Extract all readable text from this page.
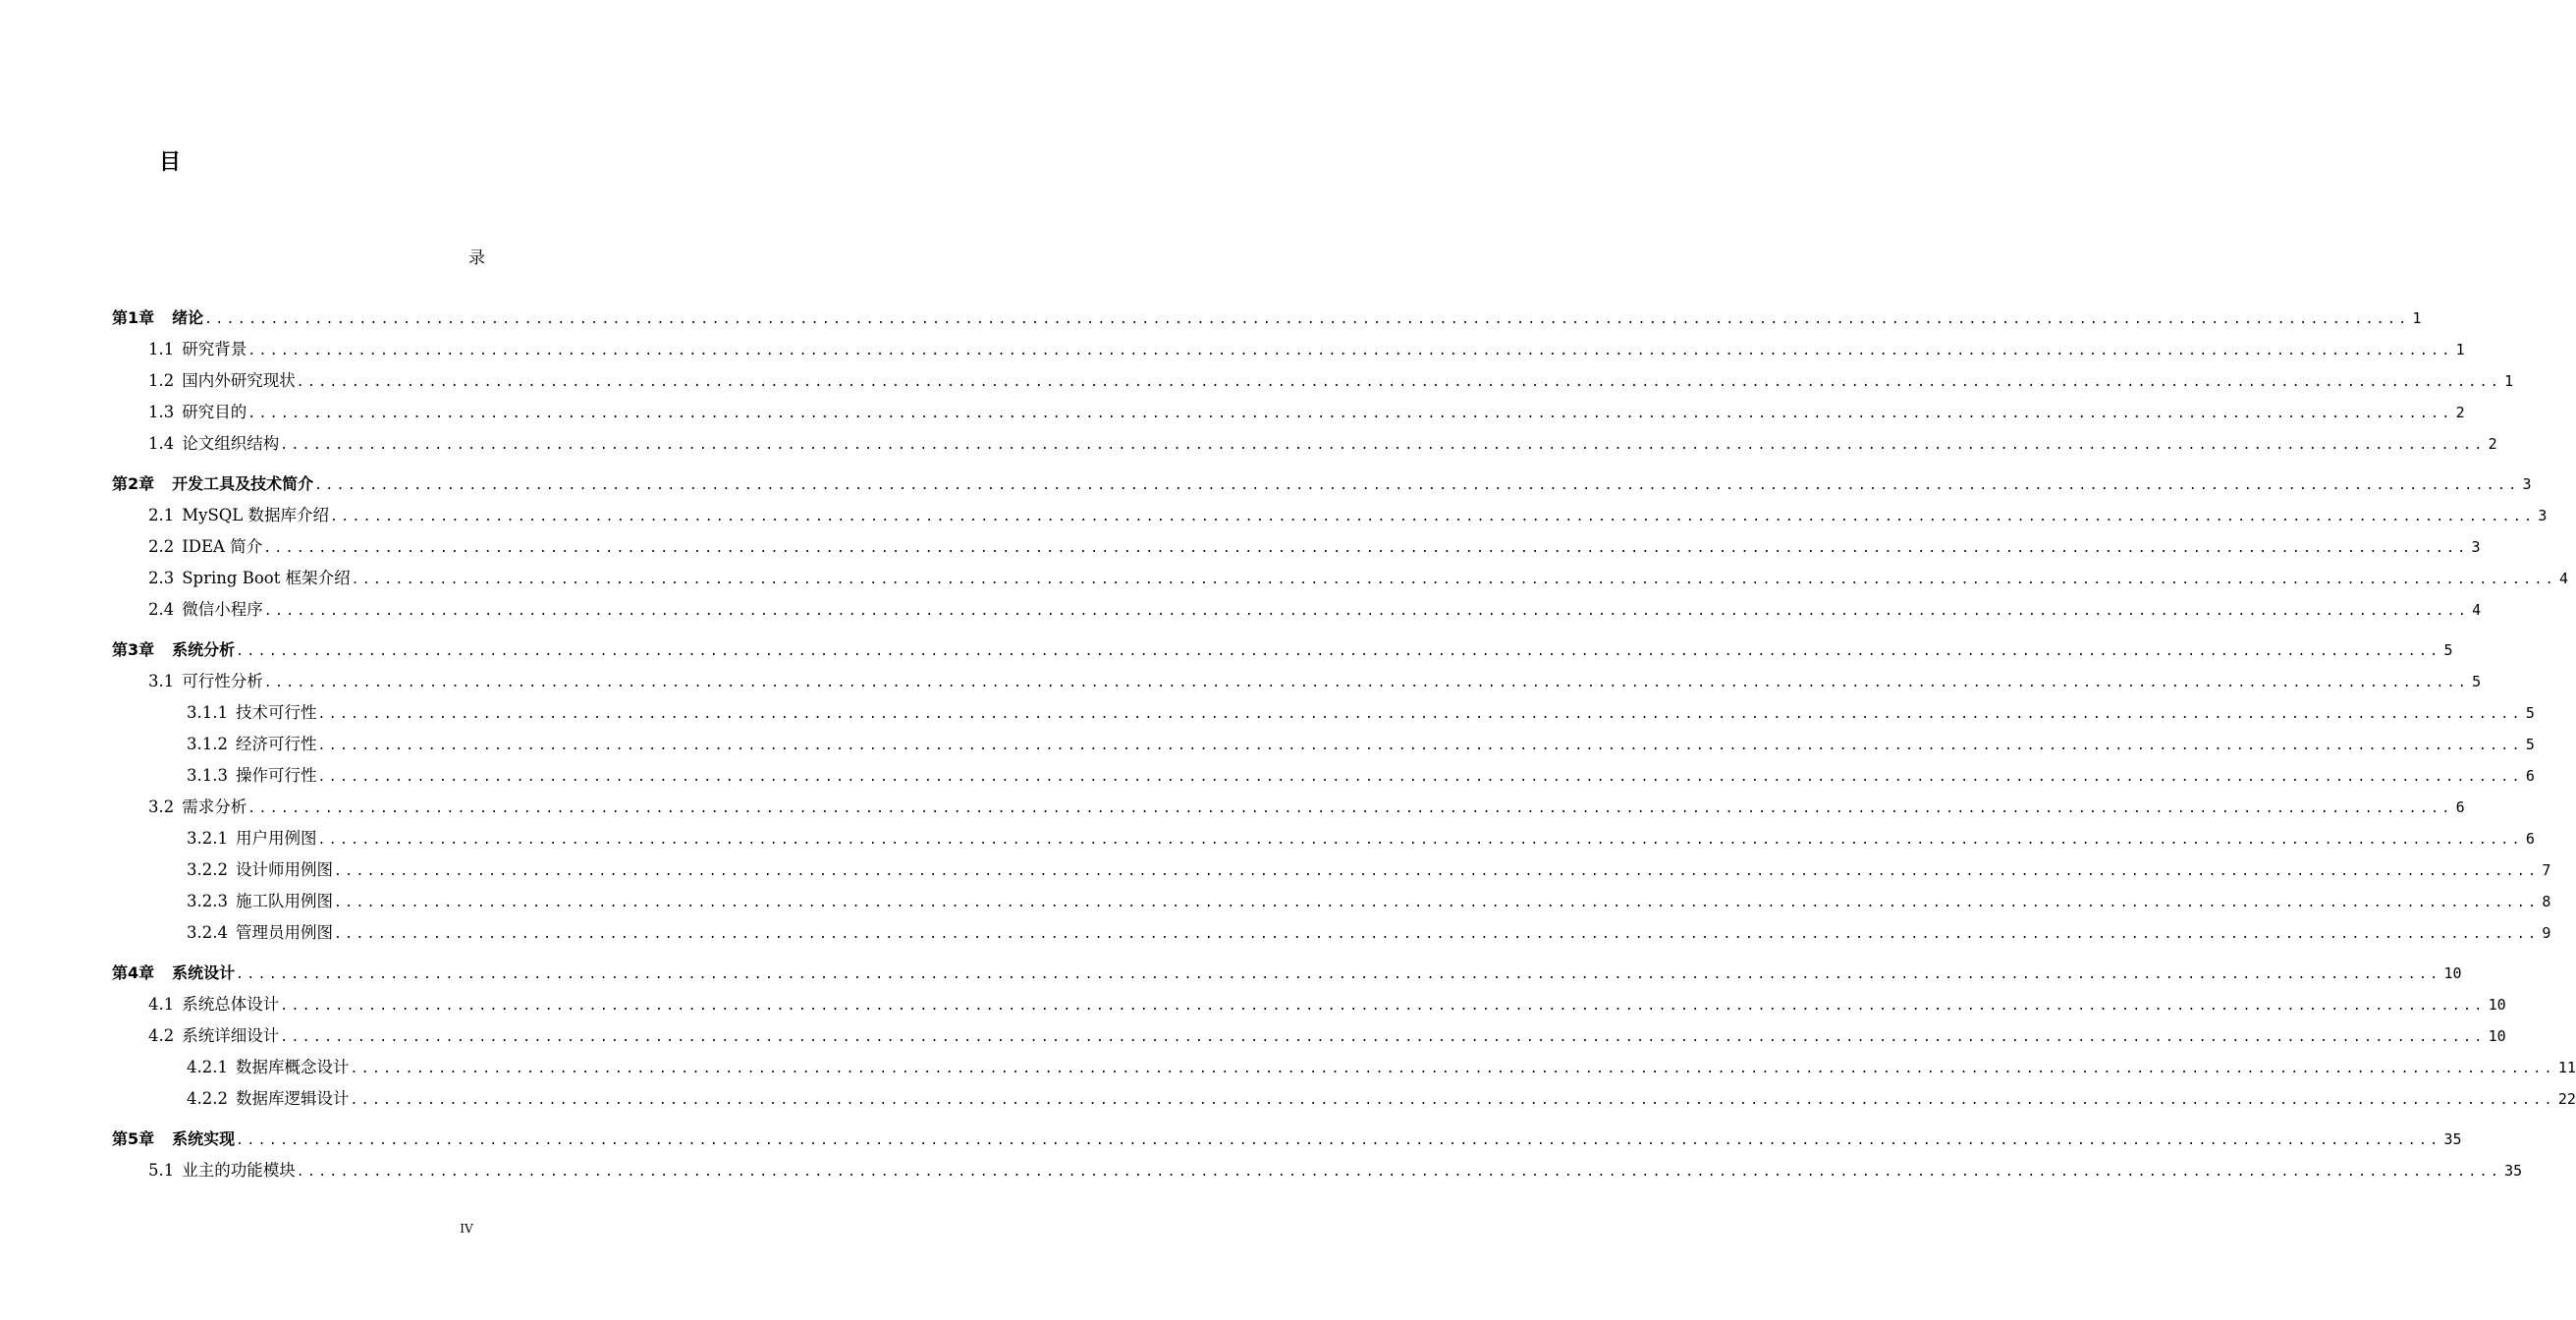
目
录
第1章 绪论 ........................................................................................................................................................................................................ 1
1.1 研究背景 ........................................................................................................................................................................................................ 1
1.2 国内外研究现状 ........................................................................................................................................................................................................ 1
1.3 研究目的 ........................................................................................................................................................................................................ 2
1.4 论文组织结构 ........................................................................................................................................................................................................ 2
第2章 开发工具及技术简介 ........................................................................................................................................................................................................ 3
2.1 MySQL 数据库介绍 ........................................................................................................................................................................................................ 3
2.2 IDEA 简介 ........................................................................................................................................................................................................ 3
2.3 Spring Boot 框架介绍 ........................................................................................................................................................................................................ 4
2.4 微信小程序 ........................................................................................................................................................................................................ 4
第3章 系统分析 ........................................................................................................................................................................................................ 5
3.1 可行性分析 ........................................................................................................................................................................................................ 5
3.1.1 技术可行性 ........................................................................................................................................................................................................ 5
3.1.2 经济可行性 ........................................................................................................................................................................................................ 5
3.1.3 操作可行性 ........................................................................................................................................................................................................ 6
3.2 需求分析 ........................................................................................................................................................................................................ 6
3.2.1 用户用例图 ........................................................................................................................................................................................................ 6
3.2.2 设计师用例图 ........................................................................................................................................................................................................ 7
3.2.3 施工队用例图 ........................................................................................................................................................................................................ 8
3.2.4 管理员用例图 ........................................................................................................................................................................................................ 9
第4章 系统设计 ........................................................................................................................................................................................................ 10
4.1 系统总体设计 ........................................................................................................................................................................................................ 10
4.2 系统详细设计 ........................................................................................................................................................................................................ 10
4.2.1 数据库概念设计 ........................................................................................................................................................................................................ 11
4.2.2 数据库逻辑设计 ........................................................................................................................................................................................................ 22
第5章 系统实现 ........................................................................................................................................................................................................ 35
5.1 业主的功能模块 ........................................................................................................................................................................................................ 35
IV
